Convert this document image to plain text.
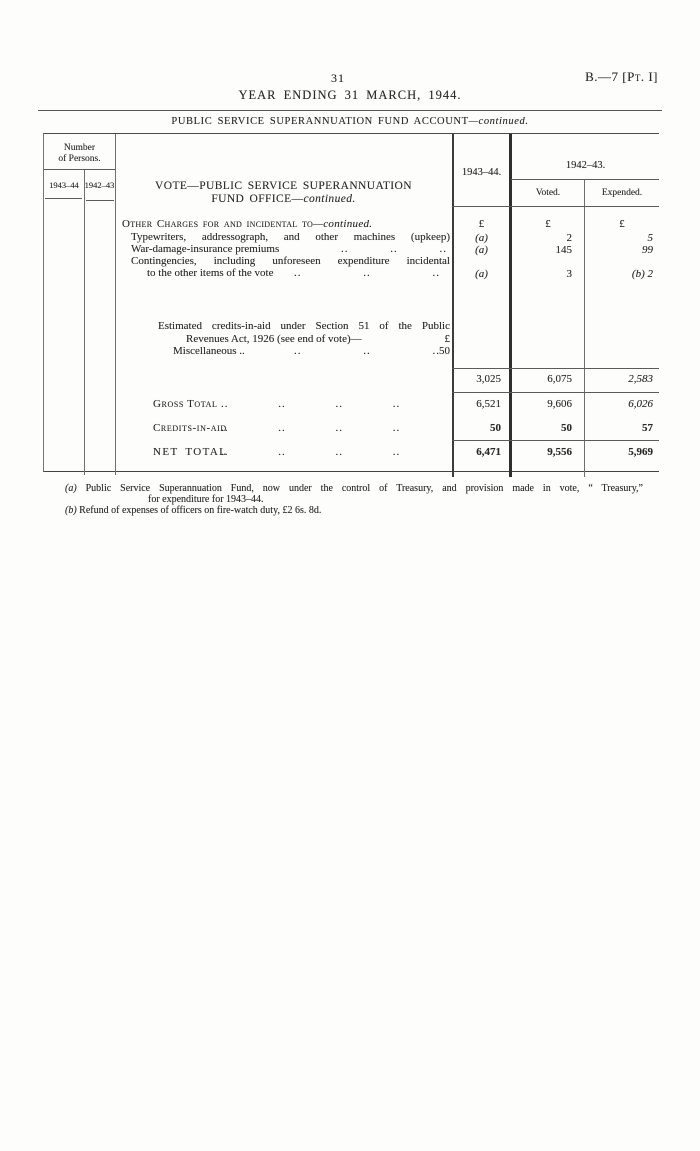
31	B.—7 [Pt. I]
YEAR ENDING 31 MARCH, 1944.
PUBLIC SERVICE SUPERANNUATION FUND ACCOUNT—continued.
Number
of Persons.
1943–44 1942–43	VOTE—PUBLIC SERVICE SUPERANNUATION
FUND OFFICE—continued.
1943–44.
1942–43.
Voted.	Expended.
£	£	£
Other Charges for and incidental to—continued.
Typewriters, addressograph, and other machines (upkeep)	(a)	2	5
War-damage-insurance premiums	.. .. ..	(a)	145	99
Contingencies, including unforeseen expenditure incidental
to the other items of the vote .. .. ..	(a)	3	(b) 2
Estimated credits-in-aid under Section 51 of the Public
Revenues Act, 1926 (see end of vote)—	£
Miscellaneous ..	.. .. .. 50
3,025	6,075	2,583
Gross Total .. .. .. ..	6,521	9,606	6,026
Credits-in-aid
.. .. .. ..	50	50	57
NET TOTAL
.. .. .. ..	6,471	9,556	5,969
(a) Public Service Superannuation Fund, now under the control of Treasury, and provision made in vote, “ Treasury,”
for expenditure for 1943–44.
(b) Refund of expenses of officers on fire-watch duty, £2 6s. 8d.
